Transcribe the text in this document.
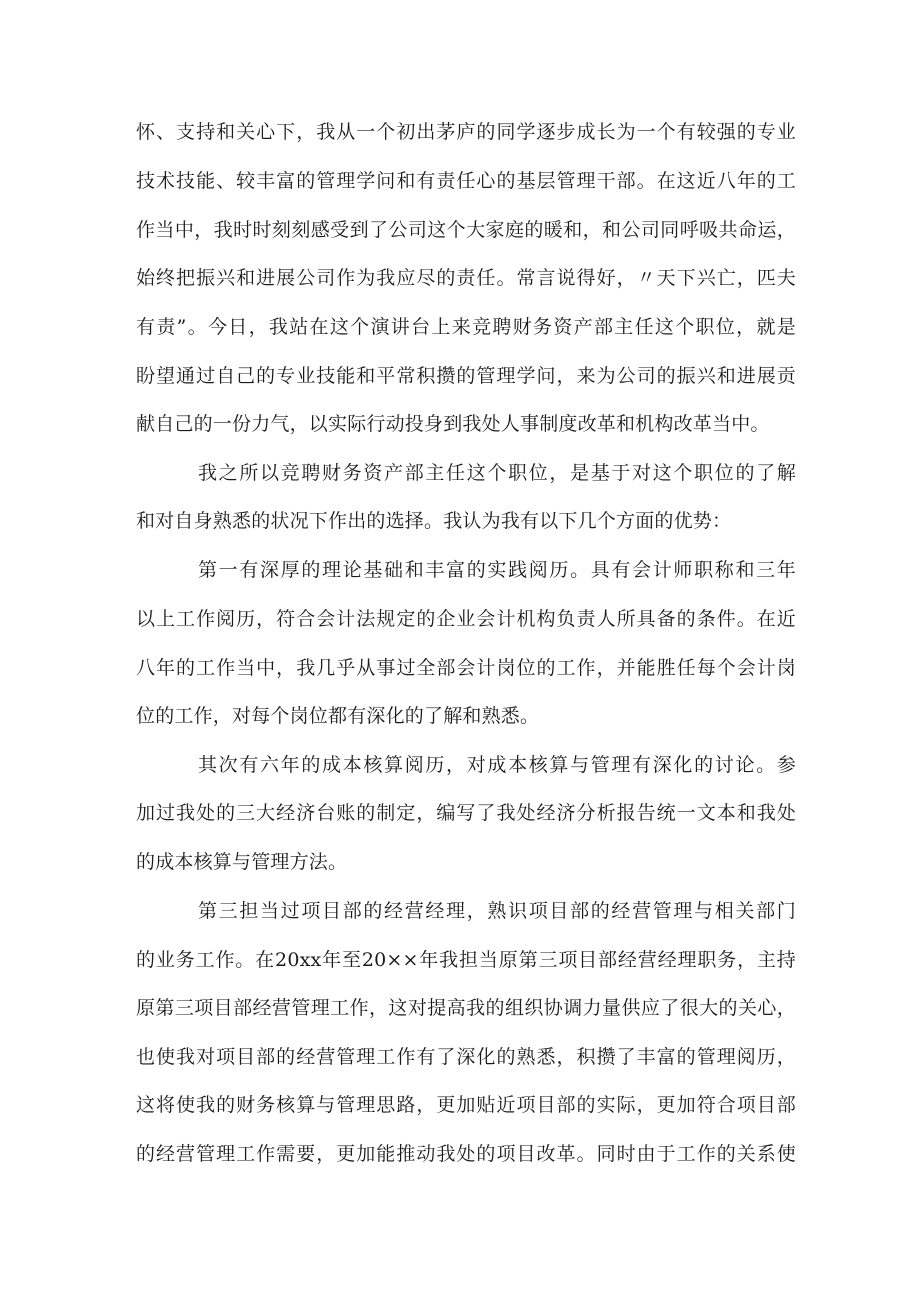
怀、支持和关心下，我从一个初出茅庐的同学逐步成长为一个有较强的专业
技术技能、较丰富的管理学问和有责任心的基层管理干部。在这近八年的工
作当中，我时时刻刻感受到了公司这个大家庭的暖和，和公司同呼吸共命运，
始终把振兴和进展公司作为我应尽的责任。常言说得好，〃天下兴亡，匹夫
有责”。今日，我站在这个演讲台上来竞聘财务资产部主任这个职位，就是
盼望通过自己的专业技能和平常积攒的管理学问，来为公司的振兴和进展贡
献自己的一份力气，以实际行动投身到我处人事制度改革和机构改革当中。
我之所以竞聘财务资产部主任这个职位，是基于对这个职位的了解
和对自身熟悉的状况下作出的选择。我认为我有以下几个方面的优势：
第一有深厚的理论基础和丰富的实践阅历。具有会计师职称和三年
以上工作阅历，符合会计法规定的企业会计机构负责人所具备的条件。在近
八年的工作当中，我几乎从事过全部会计岗位的工作，并能胜任每个会计岗
位的工作，对每个岗位都有深化的了解和熟悉。
其次有六年的成本核算阅历，对成本核算与管理有深化的讨论。参
加过我处的三大经济台账的制定，编写了我处经济分析报告统一文本和我处
的成本核算与管理方法。
第三担当过项目部的经营经理，熟识项目部的经营管理与相关部门
的业务工作。在20xx年至20××年我担当原第三项目部经营经理职务，主持
原第三项目部经营管理工作，这对提高我的组织协调力量供应了很大的关心，
也使我对项目部的经营管理工作有了深化的熟悉，积攒了丰富的管理阅历，
这将使我的财务核算与管理思路，更加贴近项目部的实际，更加符合项目部
的经营管理工作需要，更加能推动我处的项目改革。同时由于工作的关系使
